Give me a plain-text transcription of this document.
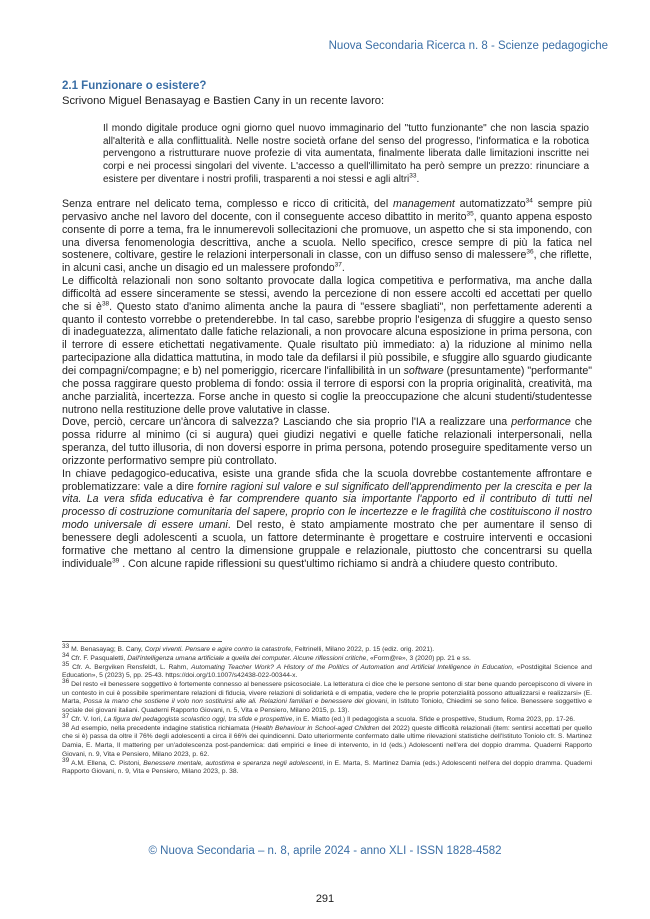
Nuova Secondaria Ricerca n. 8 - Scienze pedagogiche
2.1 Funzionare o esistere?
Scrivono Miguel Benasayag e Bastien Cany in un recente lavoro:
Il mondo digitale produce ogni giorno quel nuovo immaginario del "tutto funzionante" che non lascia spazio all'alterità e alla conflittualità. Nelle nostre società orfane del senso del progresso, l'informatica e la robotica pervengono a ristrutturare nuove profezie di vita aumentata, finalmente liberata dalle limitazioni inscritte nei corpi e nei processi singolari del vivente. L'accesso a quell'illimitato ha però sempre un prezzo: rinunciare a esistere per diventare i nostri profili, trasparenti a noi stessi e agli altri$^{33}$.

Senza entrare nel delicato tema, complesso e ricco di criticità, del management automatizzato$^{34}$ sempre più pervasivo anche nel lavoro del docente, con il conseguente acceso dibattito in merito$^{35}$, quanto appena esposto consente di porre a tema, fra le innumerevoli sollecitazioni che promuove, un aspetto che si sta imponendo, con una diversa fenomenologia descrittiva, anche a scuola. Nello specifico, cresce sempre di più la fatica nel sostenere, coltivare, gestire le relazioni interpersonali in classe, con un diffuso senso di malessere$^{36}$, che riflette, in alcuni casi, anche un disagio ed un malessere profondo$^{37}$.

Le difficoltà relazionali non sono soltanto provocate dalla logica competitiva e performativa, ma anche dalla difficoltà ad essere sinceramente se stessi, avendo la percezione di non essere accolti ed accettati per quello che si $è^{38}$. Questo stato d'animo alimenta anche la paura di "essere sbagliati", non perfettamente aderenti a quanto il contesto vorrebbe o pretenderebbe. In tal caso, sarebbe proprio l'esigenza di sfuggire a questo senso di inadeguatezza, alimentato dalle fatiche relazionali, a non provocare alcuna esposizione in prima persona, con il terrore di essere etichettati negativamente. Quale risultato più immediato: a) la riduzione al minimo nella partecipazione alla didattica mattutina, in modo tale da defilarsi il più possibile, e sfuggire allo sguardo giudicante dei compagni/compagne; e b) nel pomeriggio, ricercare l'infallibilità in un software (presuntamente) "performante" che possa raggirare questo problema di fondo: ossia il terrore di esporsi con la propria originalità, creatività, ma anche parzialità, incertezza. Forse anche in questo si coglie la preoccupazione che alcuni studenti/studentesse nutrono nella restituzione delle prove valutative in classe.

Dove, perciò, cercare un'àncora di salvezza? Lasciando che sia proprio l'IA a realizzare una performance che possa ridurre al minimo (ci si augura) quei giudizi negativi e quelle fatiche relazionali interpersonali, nella speranza, del tutto illusoria, di non doversi esporre in prima persona, potendo proseguire speditamente verso un orizzonte performativo sempre più controllato.

In chiave pedagogico-educativa, esiste una grande sfida che la scuola dovrebbe costantemente affrontare e problematizzare: vale a dire fornire ragioni sul valore e sul significato dell'apprendimento per la crescita e per la vita. La vera sfida educativa è far comprendere quanto sia importante l'apporto ed il contributo di tutti nel processo di costruzione comunitaria del sapere, proprio con le incertezze e le fragilità che costituiscono il nostro modo universale di essere umani. Del resto, è stato ampiamente mostrato che per aumentare il senso di benessere degli adolescenti a scuola, un fattore determinante è progettare e costruire interventi e occasioni formative che mettano al centro la dimensione gruppale e relazionale, piuttosto che concentrarsi su quella individuale$^{39}$ . Con alcune rapide riflessioni su quest'ultimo richiamo si andrà a chiudere questo contributo.

$^{33}$ M. Benasayag; B. Cany, Corpi viventi. Pensare e agire contro la catastrofe, Feltrinelli, Milano 2022, p. 15 (ediz. orig. 2021).

$^{34}$ Cfr. F. Pasqualetti, Dall'intelligenza umana artificiale a quella dei computer. Alcune riflessioni critiche, «Form@re», 3 (2020) pp. 21 e ss.

$^{35}$ Cfr. A. Bergviken Rensfeldt, L. Rahm, Automating Teacher Work? A History of the Politics of Automation and Artificial Intelligence in Education, «Postdigital Science and Education», 5 (2023) 5, pp. 25-43. https://doi.org/10.1007/s42438-022-00344-x.

$^{36}$ Del resto «il benessere soggettivo è fortemente connesso al benessere psicosociale. La letteratura ci dice che le persone sentono di star bene quando percepiscono di vivere in un contesto in cui è possibile sperimentare relazioni di fiducia, vivere relazioni di solidarietà e di empatia, vedere che le proprie potenzialità possono attualizzarsi e realizzarsi» (E. Marta, Possa la mano che sostiene il volo non sostituirsi alle ali. Relazioni familiari e benessere dei giovani, in Istituto Toniolo, Chiedimi se sono felice. Benessere soggettivo e sociale dei giovani italiani. Quaderni Rapporto Giovani, n. 5, Vita e Pensiero, Milano 2015, p. 13).

$^{37}$ Cfr. V. Iori, La figura del pedagogista scolastico oggi, tra sfide e prospettive, in E. Miatto (ed.) Il pedagogista a scuola. Sfide e prospettive, Studium, Roma 2023, pp. 17-26.

$^{38}$ Ad esempio, nella precedente indagine statistica richiamata (Health Behaviour in School-aged Children del 2022) queste difficoltà relazionali (item: sentirsi accettati per quello che si è) passa da oltre il 76% degli adolescenti a circa il 66% dei quindicenni. Dato ulteriormente confermato dalle ultime rilevazioni statistiche dell'Istituto Toniolo cfr. S. Martinez Damia, E. Marta, Il mattering per un'adolescenza post-pandemica: dati empirici e linee di intervento, in Id (eds.) Adolescenti nell'era del doppio dramma. Quaderni Rapporto Giovani, n. 9, Vita e Pensiero, Milano 2023, p. 62.

$^{39}$ A.M. Ellena, C. Pistoni, Benessere mentale, autostima e speranza negli adolescenti, in E. Marta, S. Martinez Damia (eds.) Adolescenti nell'era del doppio dramma. Quaderni Rapporto Giovani, n. 9, Vita e Pensiero, Milano 2023, p. 38.

© Nuova Secondaria – n. 8, aprile 2024 - anno XLI - ISSN 1828-4582
291
